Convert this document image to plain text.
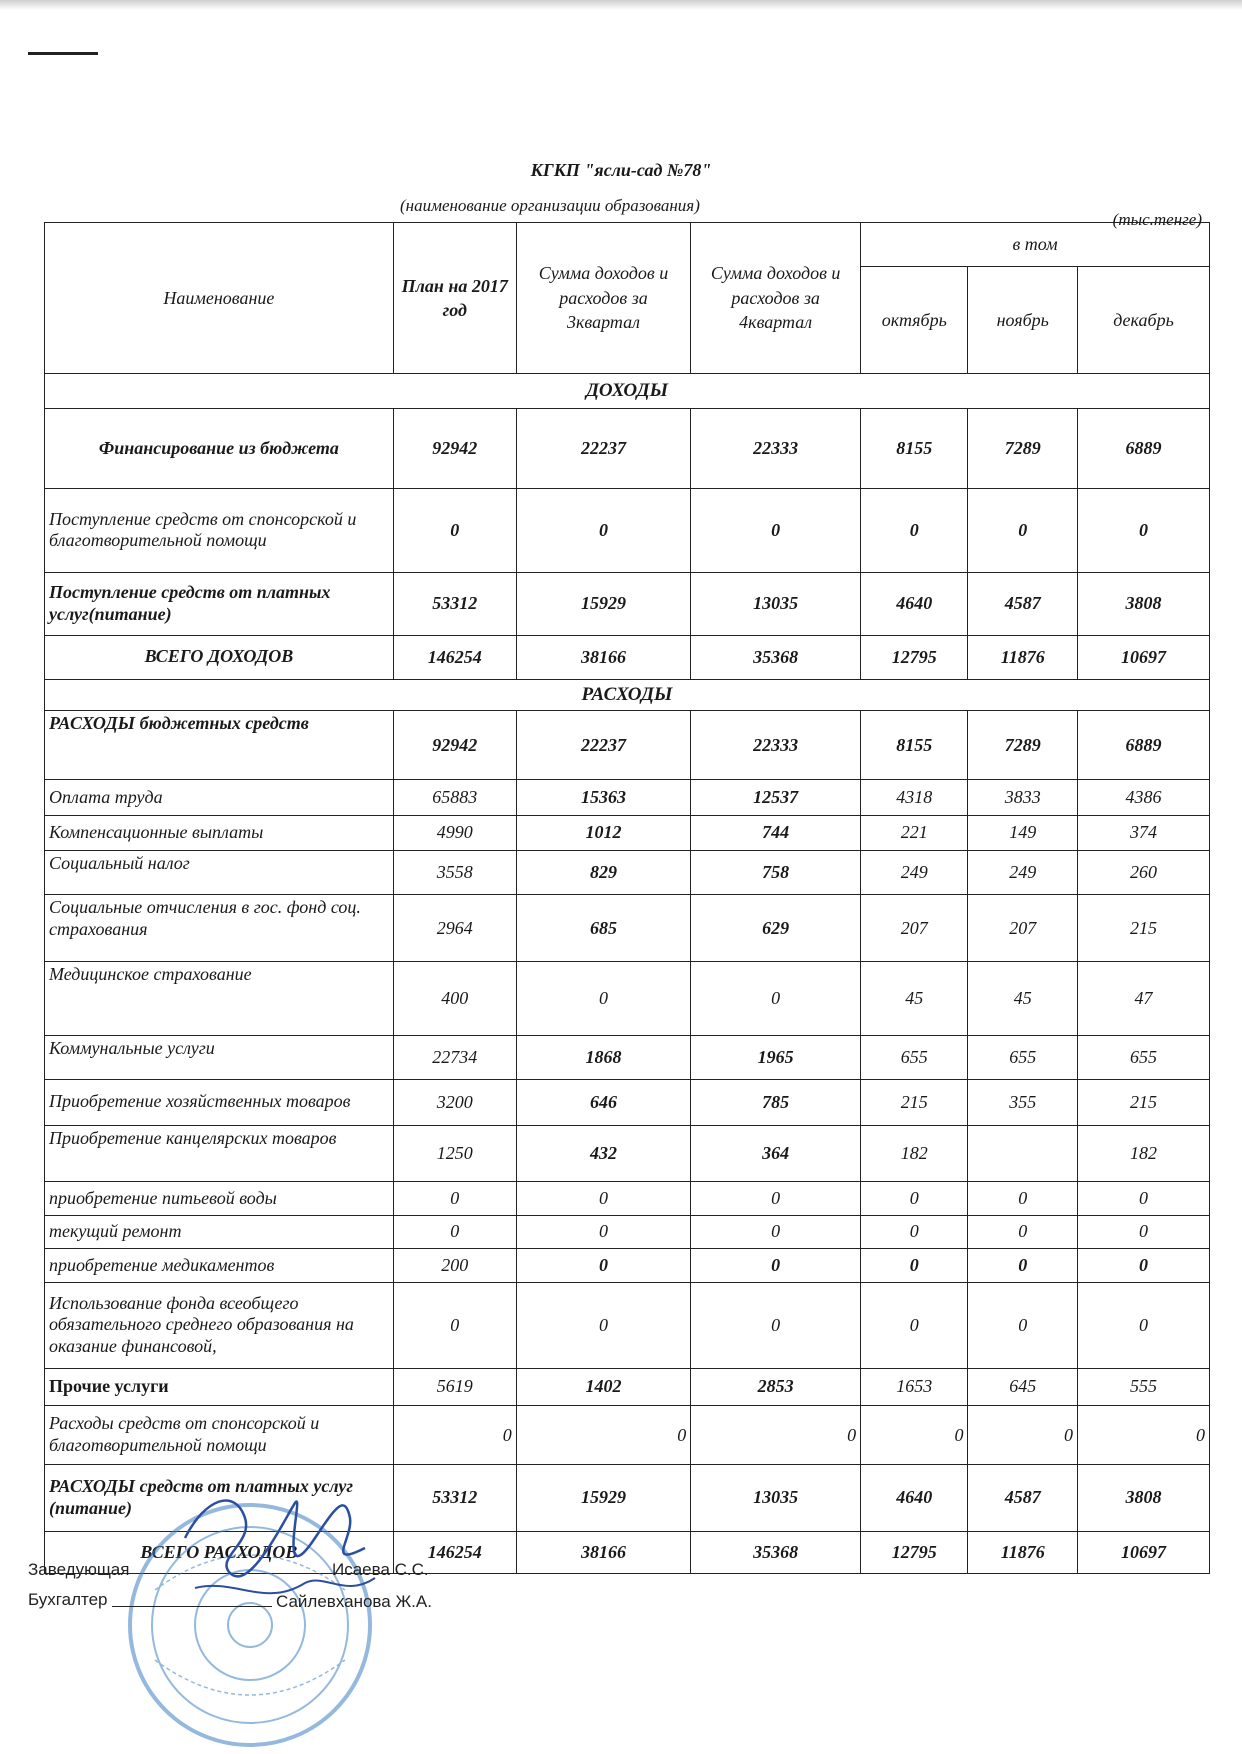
КГКП "ясли-сад №78"
(наименование организации образования)
(тыс.тенге)
Наименование	План на 2017 год	Сумма доходов и расходов за 3квартал	Сумма доходов и расходов за 4квартал	в том		
				октябрь	ноябрь	декабрь
ДОХОДЫ						
Финансирование из бюджета	92942	22237	22333	8155	7289	6889
Поступление средств от спонсорской и благотворительной помощи	0	0	0	0	0	0
Поступление средств от платных услуг(питание)	53312	15929	13035	4640	4587	3808
ВСЕГО ДОХОДОВ	146254	38166	35368	12795	11876	10697
РАСХОДЫ						
РАСХОДЫ бюджетных средств	92942	22237	22333	8155	7289	6889
Оплата труда	65883	15363	12537	4318	3833	4386
Компенсационные выплаты	4990	1012	744	221	149	374
Социальный налог	3558	829	758	249	249	260
Социальные отчисления в гос. фонд соц. страхования	2964	685	629	207	207	215
Медицинское страхование	400	0	0	45	45	47
Коммунальные услуги	22734	1868	1965	655	655	655
Приобретение хозяйственных товаров	3200	646	785	215	355	215
Приобретение канцелярских товаров	1250	432	364	182		182
приобретение питьевой воды	0	0	0	0	0	0
текущий ремонт	0	0	0	0	0	0
приобретение медикаментов	200	0	0	0	0	0
Использование фонда всеобщего обязательного среднего образования на оказание финансовой,	0	0	0	0	0	0
Прочие услуги	5619	1402	2853	1653	645	555
Расходы средств от спонсорской и благотворительной помощи	0	0	0	0	0	0
РАСХОДЫ средств от платных услуг (питание)	53312	15929	13035	4640	4587	3808
ВСЕГО РАСХОДОВ	146254	38166	35368	12795	11876	10697
Заведующая	Исаева С.С.
Бухгалтер	Сайлевханова Ж.А.
